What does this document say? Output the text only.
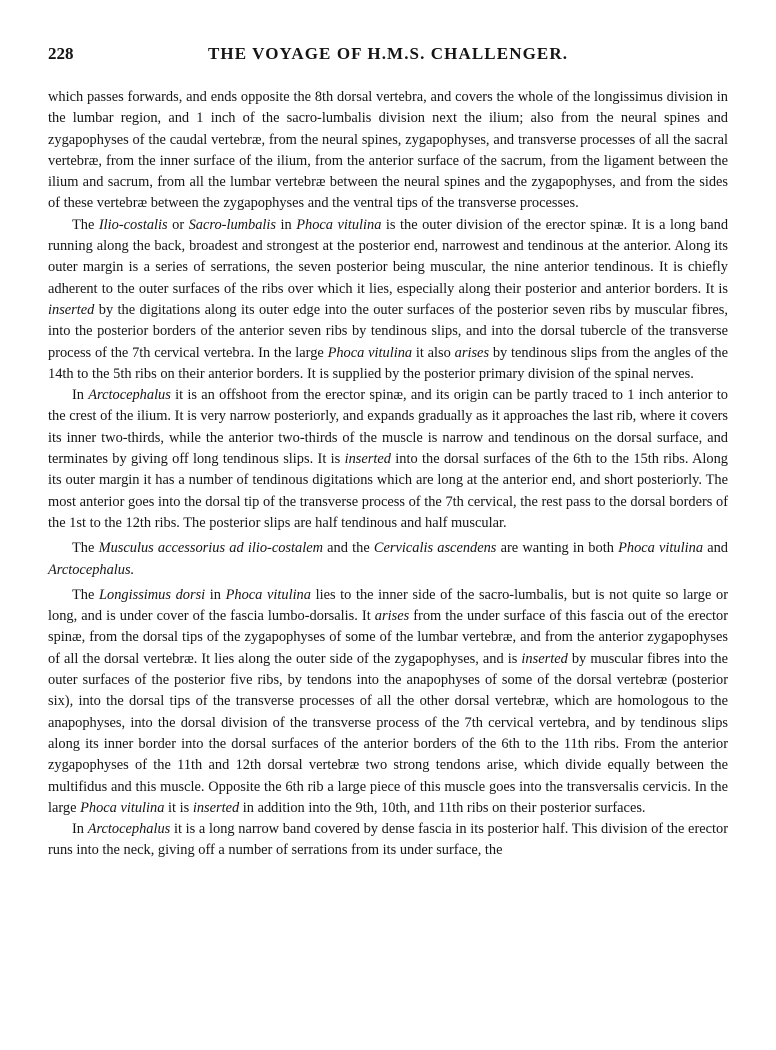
228	THE VOYAGE OF H.M.S. CHALLENGER.

which passes forwards, and ends opposite the 8th dorsal vertebra, and covers the whole of the longissimus division in the lumbar region, and 1 inch of the sacro-lumbalis division next the ilium; also from the neural spines and zygapophyses of the caudal vertebræ, from the neural spines, zygapophyses, and transverse processes of all the sacral vertebræ, from the inner surface of the ilium, from the anterior surface of the sacrum, from the ligament between the ilium and sacrum, from all the lumbar vertebræ between the neural spines and the zygapophyses, and from the sides of these vertebræ between the zygapophyses and the ventral tips of the transverse processes.

The Ilio-costalis or Sacro-lumbalis in Phoca vitulina is the outer division of the erector spinæ. It is a long band running along the back, broadest and strongest at the posterior end, narrowest and tendinous at the anterior. Along its outer margin is a series of serrations, the seven posterior being muscular, the nine anterior tendinous. It is chiefly adherent to the outer surfaces of the ribs over which it lies, especially along their posterior and anterior borders. It is inserted by the digitations along its outer edge into the outer surfaces of the posterior seven ribs by muscular fibres, into the posterior borders of the anterior seven ribs by tendinous slips, and into the dorsal tubercle of the transverse process of the 7th cervical vertebra. In the large Phoca vitulina it also arises by tendinous slips from the angles of the 14th to the 5th ribs on their anterior borders. It is supplied by the posterior primary division of the spinal nerves.

In Arctocephalus it is an offshoot from the erector spinæ, and its origin can be partly traced to 1 inch anterior to the crest of the ilium. It is very narrow posteriorly, and expands gradually as it approaches the last rib, where it covers its inner two-thirds, while the anterior two-thirds of the muscle is narrow and tendinous on the dorsal surface, and terminates by giving off long tendinous slips. It is inserted into the dorsal surfaces of the 6th to the 15th ribs. Along its outer margin it has a number of tendinous digitations which are long at the anterior end, and short posteriorly. The most anterior goes into the dorsal tip of the transverse process of the 7th cervical, the rest pass to the dorsal borders of the 1st to the 12th ribs. The posterior slips are half tendinous and half muscular.

The Musculus accessorius ad ilio-costalem and the Cervicalis ascendens are wanting in both Phoca vitulina and Arctocephalus.

The Longissimus dorsi in Phoca vitulina lies to the inner side of the sacro-lumbalis, but is not quite so large or long, and is under cover of the fascia lumbo-dorsalis. It arises from the under surface of this fascia out of the erector spinæ, from the dorsal tips of the zygapophyses of some of the lumbar vertebræ, and from the anterior zygapophyses of all the dorsal vertebræ. It lies along the outer side of the zygapophyses, and is inserted by muscular fibres into the outer surfaces of the posterior five ribs, by tendons into the anapophyses of some of the dorsal vertebræ (posterior six), into the dorsal tips of the transverse processes of all the other dorsal vertebræ, which are homologous to the anapophyses, into the dorsal division of the transverse process of the 7th cervical vertebra, and by tendinous slips along its inner border into the dorsal surfaces of the anterior borders of the 6th to the 11th ribs. From the anterior zygapophyses of the 11th and 12th dorsal vertebræ two strong tendons arise, which divide equally between the multifidus and this muscle. Opposite the 6th rib a large piece of this muscle goes into the transversalis cervicis. In the large Phoca vitulina it is inserted in addition into the 9th, 10th, and 11th ribs on their posterior surfaces.

In Arctocephalus it is a long narrow band covered by dense fascia in its posterior half. This division of the erector runs into the neck, giving off a number of serrations from its under surface, the
